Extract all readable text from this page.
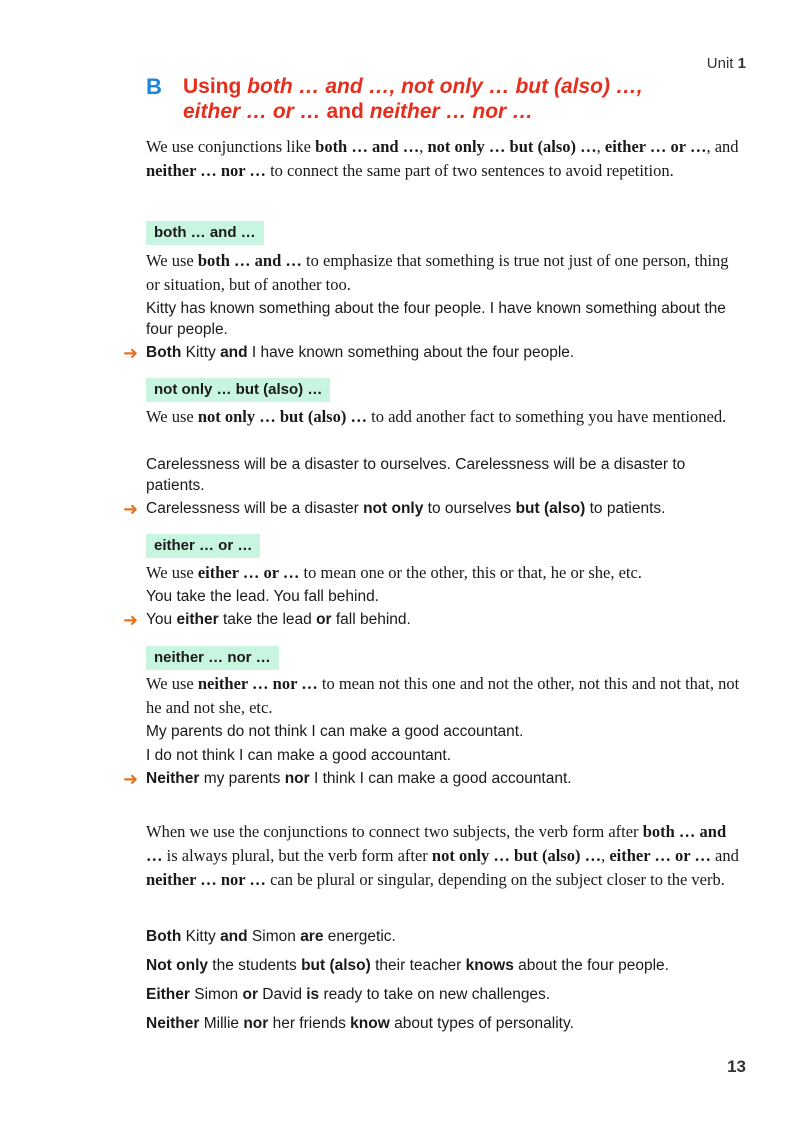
Unit 1
B Using both … and …, not only … but (also) …,
either … or … and neither … nor …
We use conjunctions like both … and …, not only … but (also) …, either … or …, and neither … nor … to connect the same part of two sentences to avoid repetition.
both … and …
We use both … and … to emphasize that something is true not just of one person, thing or situation, but of another too.
Kitty has known something about the four people. I have known something about the four people.
➜ Both Kitty and I have known something about the four people.
not only … but (also) …
We use not only … but (also) … to add another fact to something you have mentioned.
Carelessness will be a disaster to ourselves. Carelessness will be a disaster to patients.
➜ Carelessness will be a disaster not only to ourselves but (also) to patients.
either … or …
We use either … or … to mean one or the other, this or that, he or she, etc.
You take the lead. You fall behind.
➜ You either take the lead or fall behind.
neither … nor …
We use neither … nor … to mean not this one and not the other, not this and not that, not he and not she, etc.
My parents do not think I can make a good accountant.
I do not think I can make a good accountant.
➜ Neither my parents nor I think I can make a good accountant.
When we use the conjunctions to connect two subjects, the verb form after both … and … is always plural, but the verb form after not only … but (also) …, either … or … and neither … nor … can be plural or singular, depending on the subject closer to the verb.
Both Kitty and Simon are energetic.
Not only the students but (also) their teacher knows about the four people.
Either Simon or David is ready to take on new challenges.
Neither Millie nor her friends know about types of personality.
13
